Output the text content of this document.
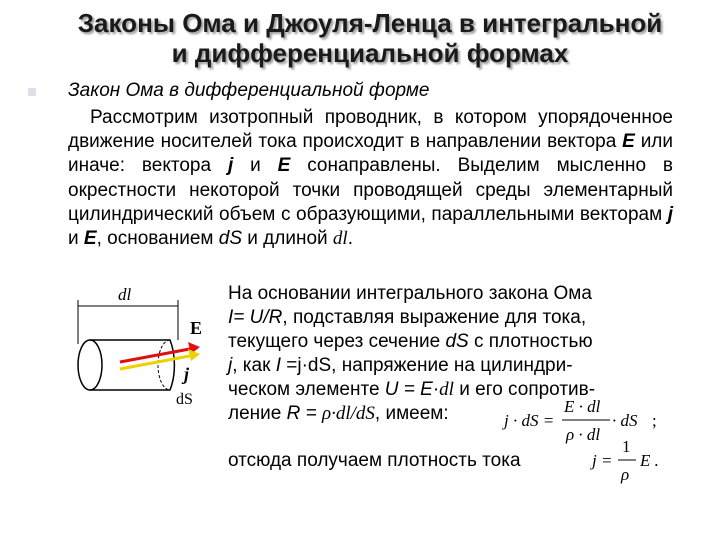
Законы Ома и Джоуля-Ленца в интегральной
и дифференциальной формах
Закон Ома в дифференциальной форме
Рассмотрим изотропный проводник, в котором упорядоченное движение носителей тока происходит в направлении вектора E или иначе: вектора j и E сонаправлены. Выделим мысленно в окрестности некоторой точки проводящей среды элементарный цилиндрический объем с образующими, параллельными векторам j и E, основанием dS и длиной dl.
dl
E
j
dS
На основании интегрального закона Ома
I= U/R, подставляя выражение для тока,
текущего через сечение dS с плотностью
j, как I =j·dS, напряжение на цилиндри-
ческом элементе U = E·dl и его сопротив-
ление R = ρ·dl/dS, имеем:	j · dS =
E · dl
ρ · dl
· dS ;
отсюда получаем плотность тока	j =
1
ρ
E .
